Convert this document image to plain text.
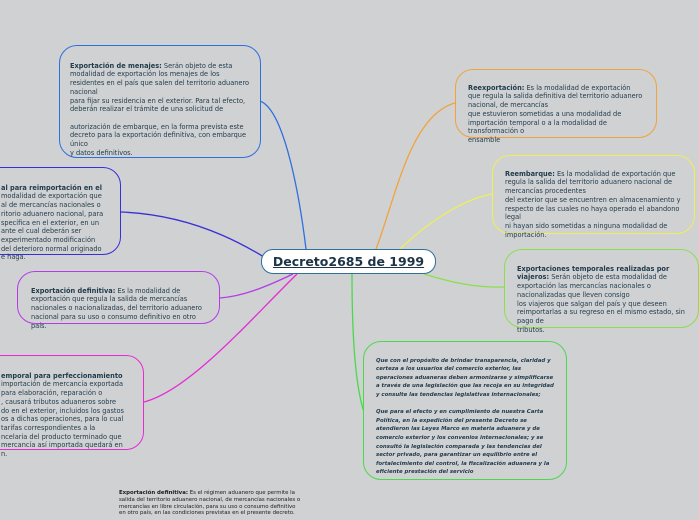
Decreto2685 de 1999

Exportación de menajes: Serán objeto de esta modalidad de exportación los menajes de los residentes en el país que salen del territorio aduanero nacional
para fijar su residencia en el exterior. Para tal efecto, deberán realizar el trámite de una solicitud de

autorización de embarque, en la forma prevista este decreto para la exportación definitiva, con embarque único
y datos definitivos.

al para reimportación en el
modalidad de exportación que
al de mercancías nacionales o
ritorio aduanero nacional, para
specífica en el exterior, en un
ante el cual deberán ser
experimentado modificación
del deterioro normal originado
e haga.

Exportación definitiva: Es la modalidad de exportación que regula la salida de mercancías nacionales o nacionalizadas, del territorio aduanero nacional para su uso o consumo definitivo en otro país.

emporal para perfeccionamiento
importación de mercancía exportada
para elaboración, reparación o
, causará tributos aduaneros sobre
do en el exterior, incluidos los gastos
os a dichas operaciones, para lo cual
tarifas correspondientes a la
ncelaria del producto terminado que
mercancía así importada quedará en
n.

Reexportación: Es la modalidad de exportación que regula la salida definitiva del territorio aduanero nacional, de mercancías
que estuvieron sometidas a una modalidad de importación temporal o a la modalidad de transformación o
ensamble

Reembarque: Es la modalidad de exportación que regula la salida del territorio aduanero nacional de mercancías procedentes
del exterior que se encuentren en almacenamiento y respecto de las cuales no haya operado el abandono legal
ni hayan sido sometidas a ninguna modalidad de importación.

Exportaciones temporales realizadas por viajeros: Serán objeto de esta modalidad de exportación las mercancías nacionales o nacionalizadas que lleven consigo
los viajeros que salgan del país y que deseen reimportarlas a su regreso en el mismo estado, sin pago de
tributos.

Que con el propósito de brindar transparencia, claridad y certeza a los usuarios del comercio exterior, las operaciones aduaneras deben armonizarse y simplificarse a través de una legislación que las recoja en su integridad y consulte las tendencias legislativas internacionales;

Que para el efecto y en cumplimiento de nuestra Carta Política, en la expedición del presente Decreto se atendieron las Leyes Marco en materia aduanera y de comercio exterior y los convenios internacionales; y se consultó la legislación comparada y las tendencias del sector privado, para garantizar un equilibrio entre el fortalecimiento del control, la fiscalización aduanera y la eficiente prestación del servicio

Exportación definitiva: Es el régimen aduanero que permite la salida del territorio aduanero nacional, de mercancías nacionales o mercancías en libre circulación, para su uso o consumo definitivo en otro país, en las condiciones previstas en el presente decreto.
